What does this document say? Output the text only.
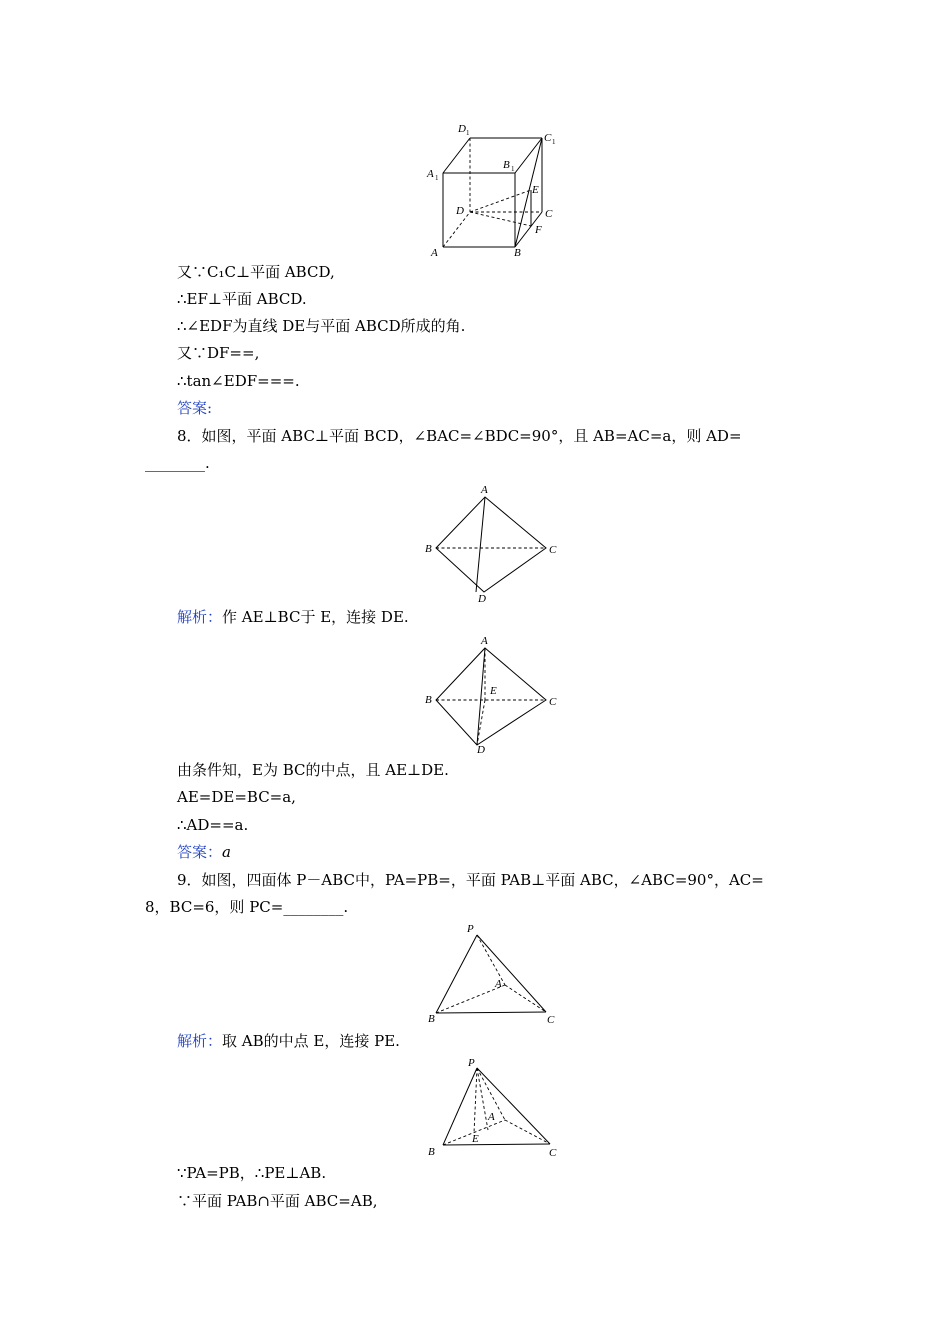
D 1	C 1
A 1
B 1
E
D	C
F
A	B
又∵C₁C⊥平面 ABCD,
∴EF⊥平面 ABCD.
∴∠EDF为直线 DE与平面 ABCD所成的角.
又∵DF==,
∴tan∠EDF===.
答案:
8．如图，平面 ABC⊥平面 BCD，∠BAC=∠BDC=90°，且 AB=AC=a，则 AD=
________.
A
B	C
D
解析：作 AE⊥BC于 E，连接 DE.
A
B	C
D
E
由条件知，E为 BC的中点，且 AE⊥DE.
AE=DE=BC=a,
∴AD==a.
答案：a
9．如图，四面体 P－ABC中，PA=PB=，平面 PAB⊥平面 ABC，∠ABC=90°，AC=
8，BC=6，则 PC=________.
P
A
B	C
解析：取 AB的中点 E，连接 PE.
P
A
E
B	C
∵PA=PB，∴PE⊥AB.
∵平面 PAB∩平面 ABC=AB,
